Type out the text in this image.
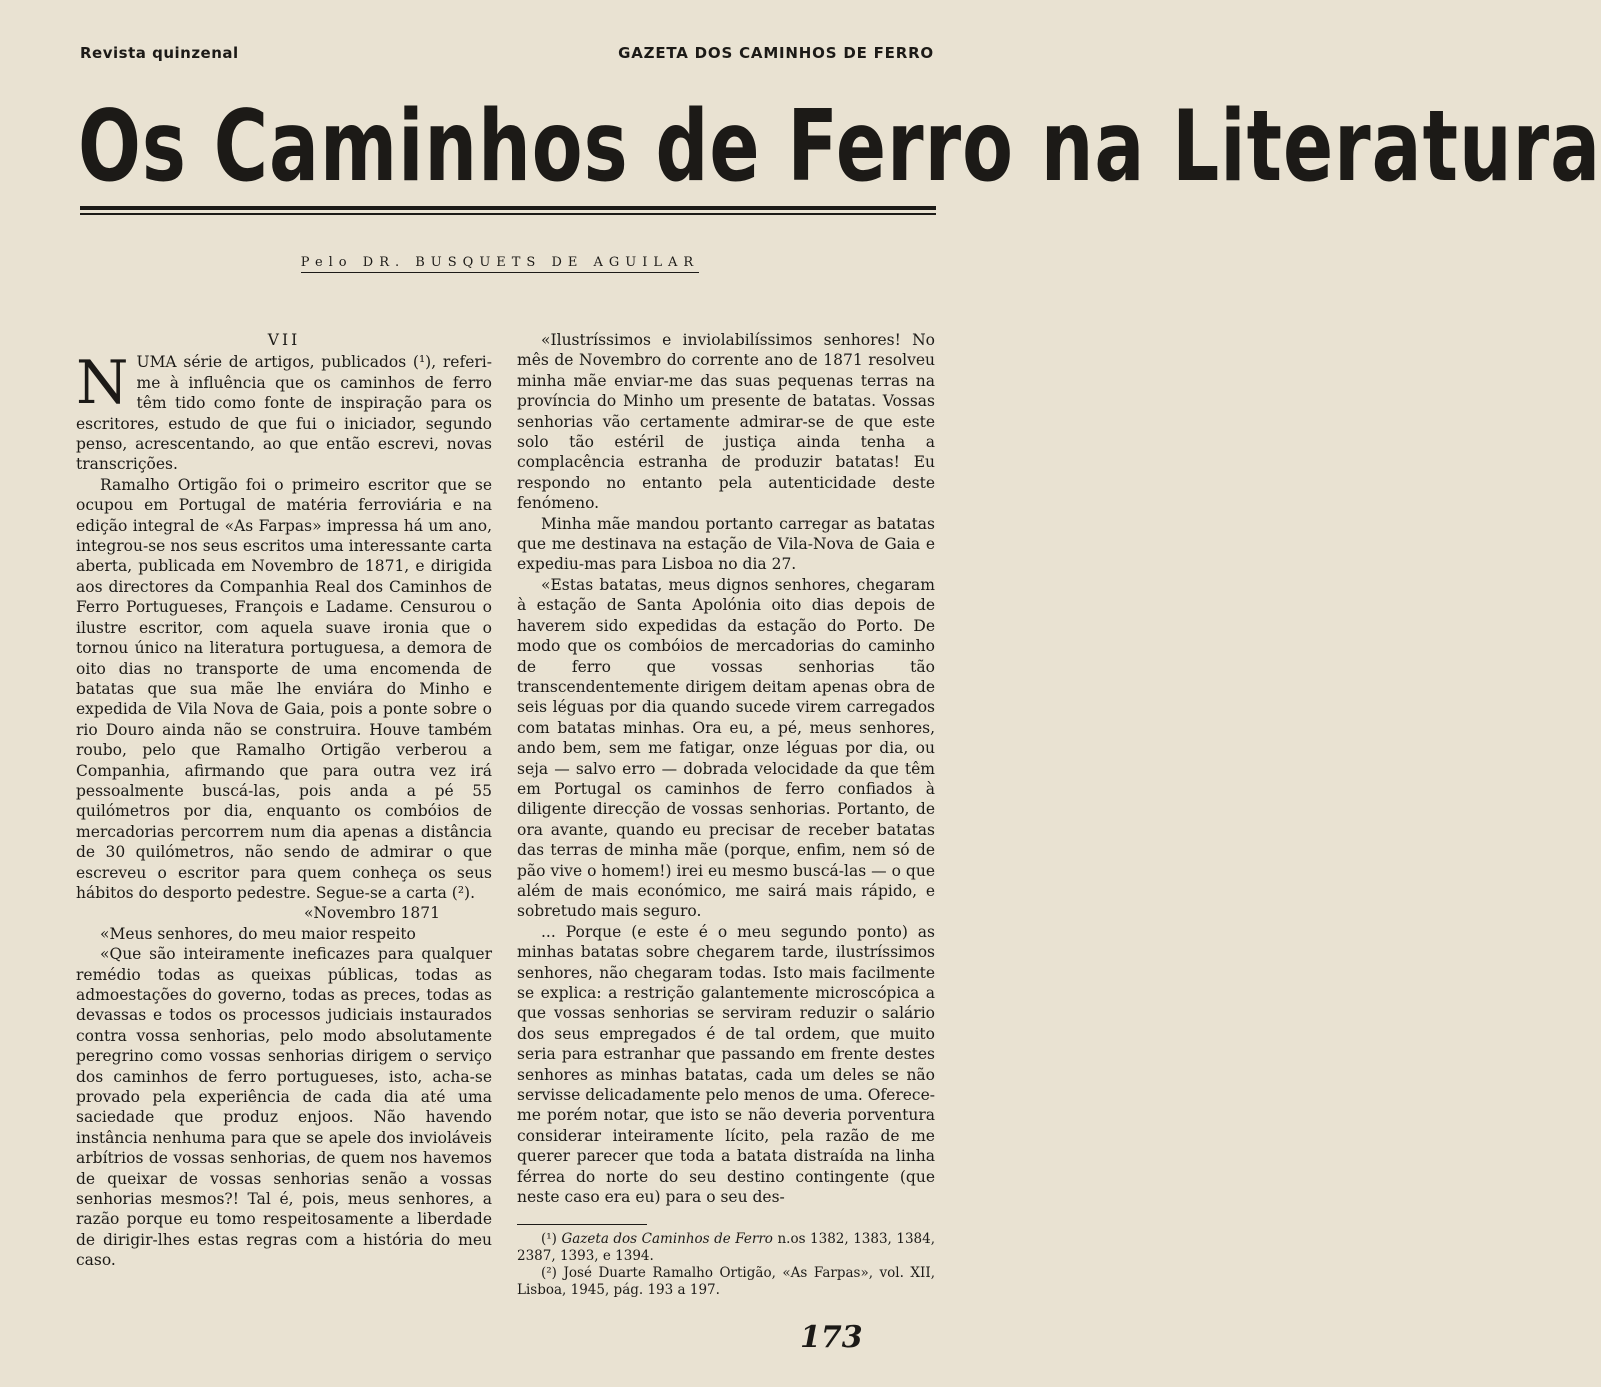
Revista quinzenal	GAZETA DOS CAMINHOS DE FERRO
Os Caminhos de Ferro na Literatura
Pelo DR. BUSQUETS DE AGUILAR
VII

NUMA série de artigos, publicados (¹), referi-me à influência que os caminhos de ferro têm tido como fonte de inspiração para os escritores, estudo de que fui o iniciador, segundo penso, acrescentando, ao que então escrevi, novas transcrições.

Ramalho Ortigão foi o primeiro escritor que se ocupou em Portugal de matéria ferroviária e na edição integral de «As Farpas» impressa há um ano, integrou-se nos seus escritos uma interessante carta aberta, publicada em Novembro de 1871, e dirigida aos directores da Companhia Real dos Caminhos de Ferro Portugueses, François e Ladame. Censurou o ilustre escritor, com aquela suave ironia que o tornou único na literatura portuguesa, a demora de oito dias no transporte de uma encomenda de batatas que sua mãe lhe enviára do Minho e expedida de Vila Nova de Gaia, pois a ponte sobre o rio Douro ainda não se construira. Houve também roubo, pelo que Ramalho Ortigão verberou a Companhia, afirmando que para outra vez irá pessoalmente buscá-las, pois anda a pé 55 quilómetros por dia, enquanto os combóios de mercadorias percorrem num dia apenas a distância de 30 quilómetros, não sendo de admirar o que escreveu o escritor para quem conheça os seus hábitos do desporto pedestre. Segue-se a carta (²).

«Novembro 1871

«Meus senhores, do meu maior respeito

«Que são inteiramente ineficazes para qualquer remédio todas as queixas públicas, todas as admoestações do governo, todas as preces, todas as devassas e todos os processos judiciais instaurados contra vossa senhorias, pelo modo absolutamente peregrino como vossas senhorias dirigem o serviço dos caminhos de ferro portugueses, isto, acha-se provado pela experiência de cada dia até uma saciedade que produz enjoos. Não havendo instância nenhuma para que se apele dos invioláveis arbítrios de vossas senhorias, de quem nos havemos de queixar de vossas senhorias senão a vossas senhorias mesmos?! Tal é, pois, meus senhores, a razão porque eu tomo respeitosamente a liberdade de dirigir-lhes estas regras com a história do meu caso.

«Ilustríssimos e inviolabilíssimos senhores! No mês de Novembro do corrente ano de 1871 resolveu minha mãe enviar-me das suas pequenas terras na província do Minho um presente de batatas. Vossas senhorias vão certamente admirar-se de que este solo tão estéril de justiça ainda tenha a complacência estranha de produzir batatas! Eu respondo no entanto pela autenticidade deste fenómeno.

Minha mãe mandou portanto carregar as batatas que me destinava na estação de Vila-Nova de Gaia e expediu-mas para Lisboa no dia 27.

«Estas batatas, meus dignos senhores, chegaram à estação de Santa Apolónia oito dias depois de haverem sido expedidas da estação do Porto. De modo que os combóios de mercadorias do caminho de ferro que vossas senhorias tão transcendentemente dirigem deitam apenas obra de seis léguas por dia quando sucede virem carregados com batatas minhas. Ora eu, a pé, meus senhores, ando bem, sem me fatigar, onze léguas por dia, ou seja — salvo erro — dobrada velocidade da que têm em Portugal os caminhos de ferro confiados à diligente direcção de vossas senhorias. Portanto, de ora avante, quando eu precisar de receber batatas das terras de minha mãe (porque, enfim, nem só de pão vive o homem!) irei eu mesmo buscá-las — o que além de mais económico, me sairá mais rápido, e sobretudo mais seguro.

... Porque (e este é o meu segundo ponto) as minhas batatas sobre chegarem tarde, ilustríssimos senhores, não chegaram todas. Isto mais facilmente se explica: a restrição galantemente microscópica a que vossas senhorias se serviram reduzir o salário dos seus empregados é de tal ordem, que muito seria para estranhar que passando em frente destes senhores as minhas batatas, cada um deles se não servisse delicadamente pelo menos de uma. Oferece-me porém notar, que isto se não deveria porventura considerar inteiramente lícito, pela razão de me querer parecer que toda a batata distraída na linha férrea do norte do seu destino contingente (que neste caso era eu) para o seu des-

(¹) Gazeta dos Caminhos de Ferro n.os 1382, 1383, 1384, 2387, 1393, e 1394.

(²) José Duarte Ramalho Ortigão, «As Farpas», vol. XII, Lisboa, 1945, pág. 193 a 197.

173
